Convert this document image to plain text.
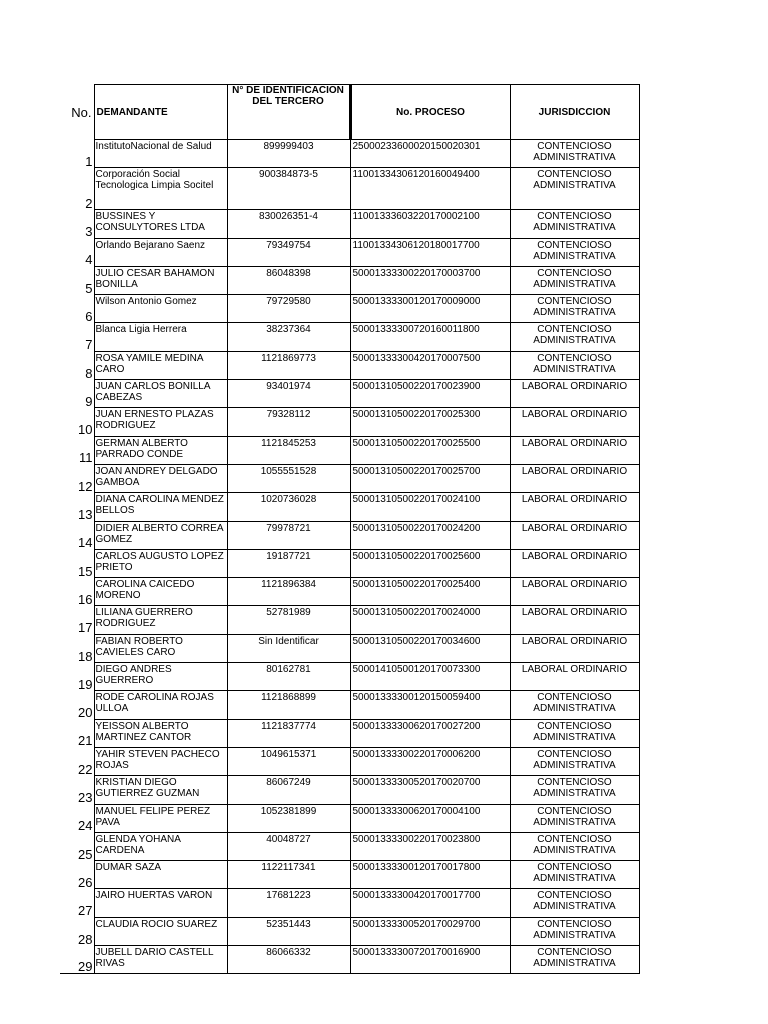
No.	DEMANDANTE	N° DE IDENTIFICACION DEL TERCERO	No. PROCESO	JURISDICCION
1	InstitutoNacional de Salud	899999403	25000233600020150020301	CONTENCIOSO ADMINISTRATIVA
2	Corporación Social Tecnologica Limpia Socitel	900384873-5	11001334306120160049400	CONTENCIOSO ADMINISTRATIVA
3	BUSSINES Y CONSULYTORES LTDA	830026351-4	11001333603220170002100	CONTENCIOSO ADMINISTRATIVA
4	Orlando Bejarano Saenz	79349754	11001334306120180017700	CONTENCIOSO ADMINISTRATIVA
5	JULIO CESAR BAHAMON BONILLA	86048398	50001333300220170003700	CONTENCIOSO ADMINISTRATIVA
6	Wilson Antonio Gomez	79729580	50001333300120170009000	CONTENCIOSO ADMINISTRATIVA
7	Blanca Ligia Herrera	38237364	50001333300720160011800	CONTENCIOSO ADMINISTRATIVA
8	ROSA YAMILE MEDINA CARO	1121869773	50001333300420170007500	CONTENCIOSO ADMINISTRATIVA
9	JUAN CARLOS BONILLA CABEZAS	93401974	50001310500220170023900	LABORAL ORDINARIO
10	JUAN ERNESTO PLAZAS RODRIGUEZ	79328112	50001310500220170025300	LABORAL ORDINARIO
11	GERMAN ALBERTO PARRADO CONDE	1121845253	50001310500220170025500	LABORAL ORDINARIO
12	JOAN ANDREY DELGADO GAMBOA	1055551528	50001310500220170025700	LABORAL ORDINARIO
13	DIANA CAROLINA MENDEZ BELLOS	1020736028	50001310500220170024100	LABORAL ORDINARIO
14	DIDIER ALBERTO CORREA GOMEZ	79978721	50001310500220170024200	LABORAL ORDINARIO
15	CARLOS AUGUSTO LOPEZ PRIETO	19187721	50001310500220170025600	LABORAL ORDINARIO
16	CAROLINA CAICEDO MORENO	1121896384	50001310500220170025400	LABORAL ORDINARIO
17	LILIANA GUERRERO RODRIGUEZ	52781989	50001310500220170024000	LABORAL ORDINARIO
18	FABIAN ROBERTO CAVIELES CARO	Sin Identificar	50001310500220170034600	LABORAL ORDINARIO
19	DIEGO ANDRES GUERRERO	80162781	50001410500120170073300	LABORAL ORDINARIO
20	RODE CAROLINA ROJAS ULLOA	1121868899	50001333300120150059400	CONTENCIOSO ADMINISTRATIVA
21	YEISSON ALBERTO MARTINEZ CANTOR	1121837774	50001333300620170027200	CONTENCIOSO ADMINISTRATIVA
22	YAHIR STEVEN PACHECO ROJAS	1049615371	50001333300220170006200	CONTENCIOSO ADMINISTRATIVA
23	KRISTIAN DIEGO GUTIERREZ GUZMAN	86067249	50001333300520170020700	CONTENCIOSO ADMINISTRATIVA
24	MANUEL FELIPE PEREZ PAVA	1052381899	50001333300620170004100	CONTENCIOSO ADMINISTRATIVA
25	GLENDA YOHANA CARDENA	40048727	50001333300220170023800	CONTENCIOSO ADMINISTRATIVA
26	DUMAR SAZA	1122117341	50001333300120170017800	CONTENCIOSO ADMINISTRATIVA
27	JAIRO HUERTAS VARON	17681223	50001333300420170017700	CONTENCIOSO ADMINISTRATIVA
28	CLAUDIA ROCIO SUAREZ	52351443	50001333300520170029700	CONTENCIOSO ADMINISTRATIVA
29	JUBELL DARIO CASTELL RIVAS	86066332	50001333300720170016900	CONTENCIOSO ADMINISTRATIVA
